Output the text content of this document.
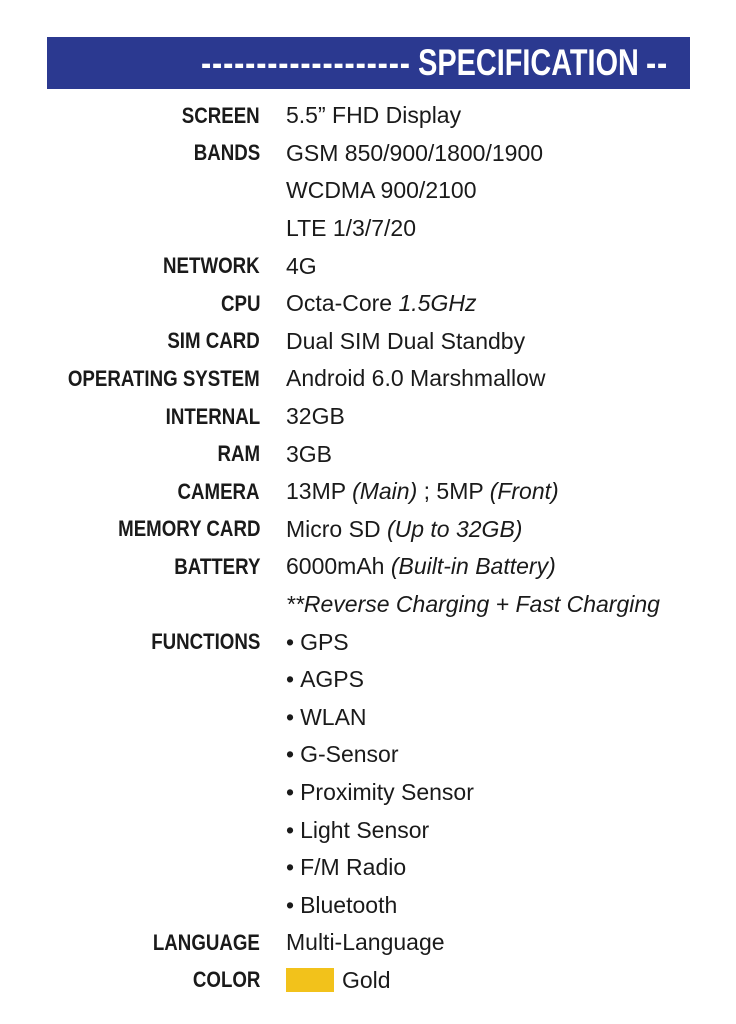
------------------- SPECIFICATION --
SCREEN 5.5” FHD Display
BANDS GSM 850/900/1800/1900
WCDMA 900/2100
LTE 1/3/7/20
NETWORK 4G
CPU Octa-Core 1.5GHz
SIM CARD Dual SIM Dual Standby
OPERATING SYSTEM Android 6.0 Marshmallow
INTERNAL 32GB
RAM 3GB
CAMERA 13MP (Main) ; 5MP (Front)
MEMORY CARD Micro SD (Up to 32GB)
BATTERY 6000mAh (Built-in Battery)
**Reverse Charging + Fast Charging
FUNCTIONS • GPS
• AGPS
• WLAN
• G-Sensor
• Proximity Sensor
• Light Sensor
• F/M Radio
• Bluetooth
LANGUAGE Multi-Language
COLOR	Gold
